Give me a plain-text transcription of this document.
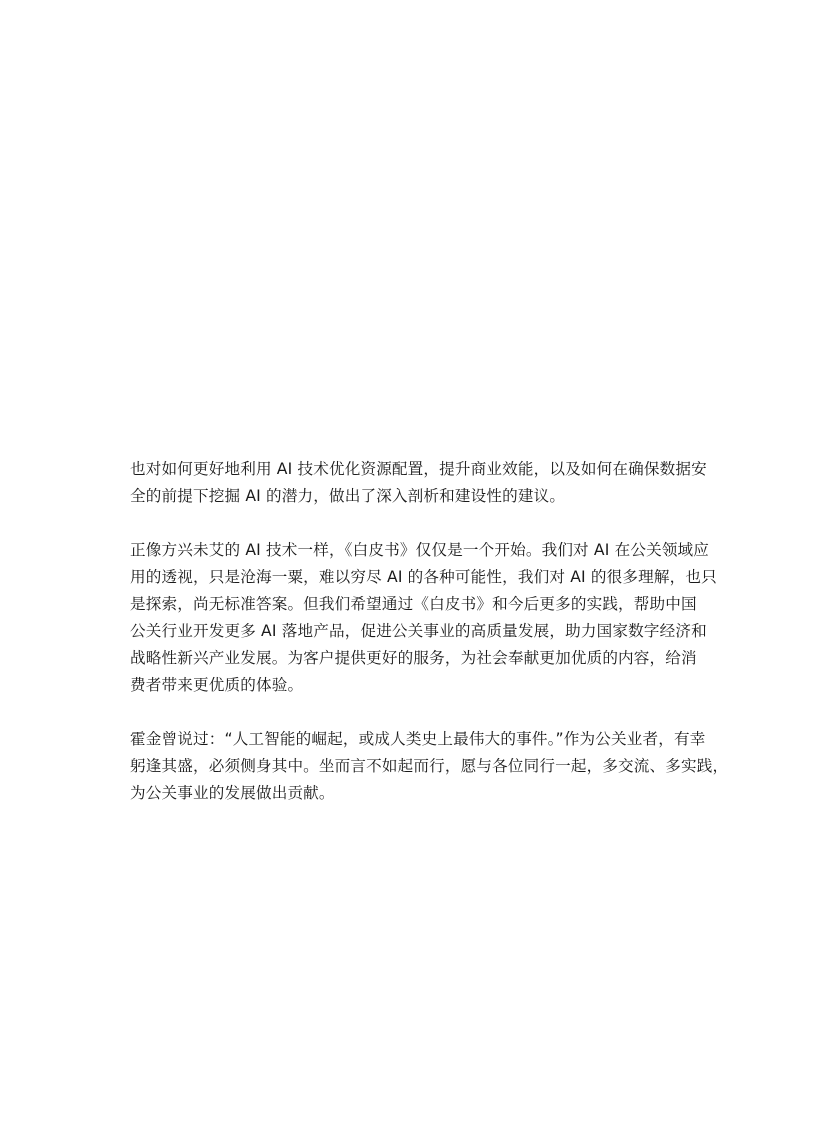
也对如何更好地利用 AI 技术优化资源配置，提升商业效能，以及如何在确保数据安
全的前提下挖掘 AI 的潜力，做出了深入剖析和建设性的建议。

正像方兴未艾的 AI 技术一样，《白皮书》仅仅是一个开始。我们对 AI 在公关领域应
用的透视，只是沧海一粟，难以穷尽 AI 的各种可能性，我们对 AI 的很多理解，也只
是探索，尚无标准答案。但我们希望通过《白皮书》和今后更多的实践，帮助中国
公关行业开发更多 AI 落地产品，促进公关事业的高质量发展，助力国家数字经济和
战略性新兴产业发展。为客户提供更好的服务，为社会奉献更加优质的内容，给消
费者带来更优质的体验。

霍金曾说过：“人工智能的崛起，或成人类史上最伟大的事件。”作为公关业者，有幸
躬逢其盛，必须侧身其中。坐而言不如起而行，愿与各位同行一起，多交流、多实践，
为公关事业的发展做出贡献。
